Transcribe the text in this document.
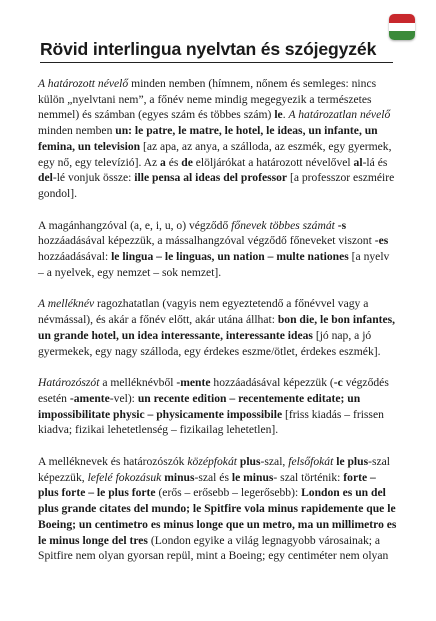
Rövid interlingua nyelvtan és szójegyzék

A határozott névelő minden nemben (hímnem, nőnem és semleges: nincs külön „nyelvtani nem”, a főnév neme mindig megegyezik a természetes nemmel) és számban (egyes szám és többes szám) le. A határozatlan névelő minden nemben un: le patre, le matre, le hotel, le ideas, un infante, un femina, un television [az apa, az anya, a szálloda, az eszmék, egy gyermek, egy nő, egy televízió]. Az a és de elöljárókat a határozott névelővel al-lá és del-lé vonjuk össze: ille pensa al ideas del professor [a professzor eszméire gondol].

A magánhangzóval (a, e, i, u, o) végződő főnevek többes számát -s hozzáadásával képezzük, a mássalhangzóval végződő főneveket viszont -es hozzáadásával: le lingua – le linguas, un nation – multe nationes [a nyelv – a nyelvek, egy nemzet – sok nemzet].

A melléknév ragozhatatlan (vagyis nem egyeztetendő a főnévvel vagy a névmással), és akár a főnév előtt, akár utána állhat: bon die, le bon infantes, un grande hotel, un idea interessante, interessante ideas [jó nap, a jó gyermekek, egy nagy szálloda, egy érdekes eszme/ötlet, érdekes eszmék].

Határozószót a melléknévből -mente hozzáadásával képezzük (-c végződés esetén -amente-vel): un recente edition – recentemente editate; un impossibilitate physic – physicamente impossibile [friss kiadás – frissen kiadva; fizikai lehetetlenség – fizikailag lehetetlen].

A melléknevek és határozószók középfokát plus-szal, felsőfokát le plus-szal képezzük, lefelé fokozásuk minus-szal és le minus- szal történik: forte – plus forte – le plus forte (erős – erősebb – legerősebb): London es un del plus grande citates del mundo; le Spitfire vola minus rapidemente que le Boeing; un centimetro es minus longe que un metro, ma un millimetro es le minus longe del tres (London egyike a világ legnagyobb városainak; a Spitfire nem olyan gyorsan repül, mint a Boeing; egy centiméter nem olyan
